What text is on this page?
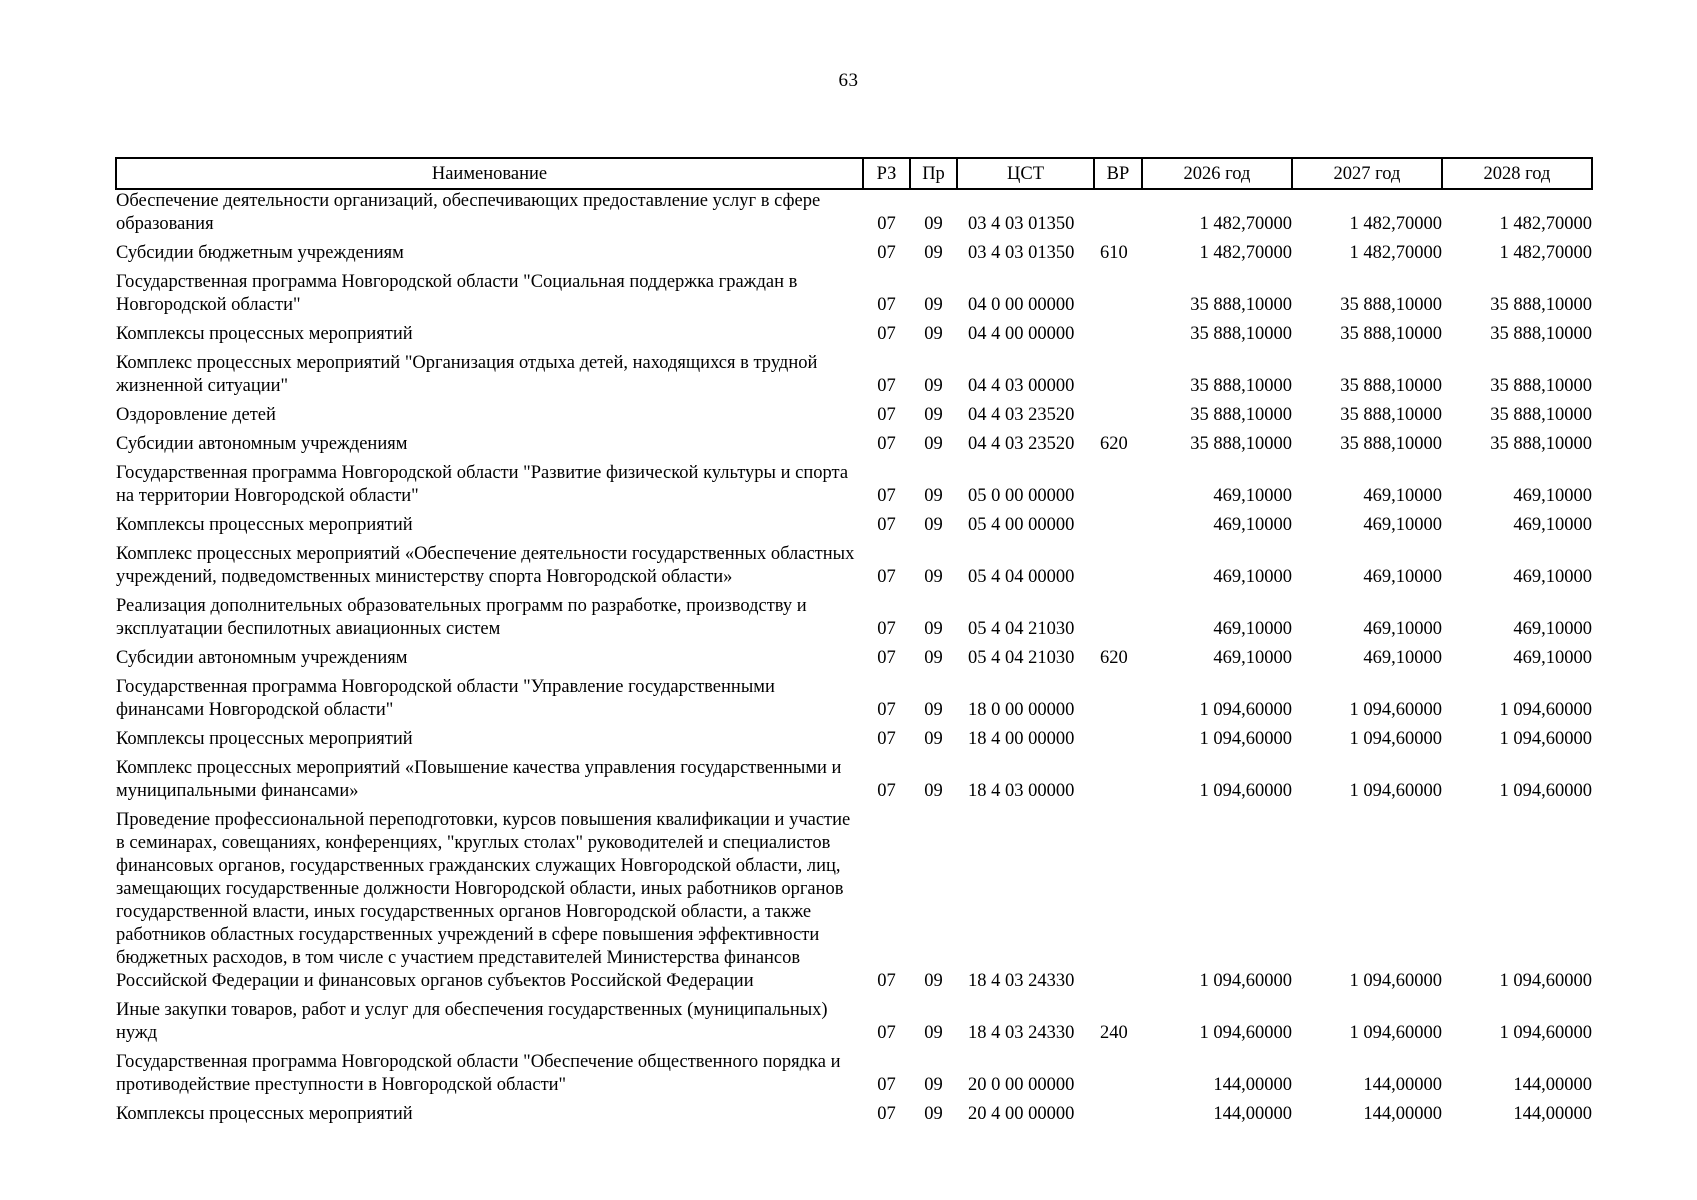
63
Наименование	РЗ	Пр	ЦСТ	ВР	2026 год	2027 год	2028 год
Обеспечение деятельности организаций, обеспечивающих предоставление услуг в сфере образования	07	09	03 4 03 01350		1 482,70000	1 482,70000	1 482,70000
Субсидии бюджетным учреждениям	07	09	03 4 03 01350	610	1 482,70000	1 482,70000	1 482,70000
Государственная программа Новгородской области "Социальная поддержка граждан в Новгородской области"	07	09	04 0 00 00000		35 888,10000	35 888,10000	35 888,10000
Комплексы процессных мероприятий	07	09	04 4 00 00000		35 888,10000	35 888,10000	35 888,10000
Комплекс процессных мероприятий "Организация отдыха детей, находящихся в трудной жизненной ситуации"	07	09	04 4 03 00000		35 888,10000	35 888,10000	35 888,10000
Оздоровление детей	07	09	04 4 03 23520		35 888,10000	35 888,10000	35 888,10000
Субсидии автономным учреждениям	07	09	04 4 03 23520	620	35 888,10000	35 888,10000	35 888,10000
Государственная программа Новгородской области "Развитие физической культуры и спорта на территории Новгородской области"	07	09	05 0 00 00000		469,10000	469,10000	469,10000
Комплексы процессных мероприятий	07	09	05 4 00 00000		469,10000	469,10000	469,10000
Комплекс процессных мероприятий «Обеспечение деятельности государственных областных учреждений, подведомственных министерству спорта Новгородской области»	07	09	05 4 04 00000		469,10000	469,10000	469,10000
Реализация дополнительных образовательных программ по разработке, производству и эксплуатации беспилотных авиационных систем	07	09	05 4 04 21030		469,10000	469,10000	469,10000
Субсидии автономным учреждениям	07	09	05 4 04 21030	620	469,10000	469,10000	469,10000
Государственная программа Новгородской области "Управление государственными финансами Новгородской области"	07	09	18 0 00 00000		1 094,60000	1 094,60000	1 094,60000
Комплексы процессных мероприятий	07	09	18 4 00 00000		1 094,60000	1 094,60000	1 094,60000
Комплекс процессных мероприятий «Повышение качества управления государственными и муниципальными финансами»	07	09	18 4 03 00000		1 094,60000	1 094,60000	1 094,60000
Проведение профессиональной переподготовки, курсов повышения квалификации и участие в семинарах, совещаниях, конференциях, "круглых столах" руководителей и специалистов финансовых органов, государственных гражданских служащих Новгородской области, лиц, замещающих государственные должности Новгородской области, иных работников органов государственной власти, иных государственных органов Новгородской области, а также работников областных государственных учреждений в сфере повышения эффективности бюджетных расходов, в том числе с участием представителей Министерства финансов Российской Федерации и финансовых органов субъектов Российской Федерации	07	09	18 4 03 24330		1 094,60000	1 094,60000	1 094,60000
Иные закупки товаров, работ и услуг для обеспечения государственных (муниципальных) нужд	07	09	18 4 03 24330	240	1 094,60000	1 094,60000	1 094,60000
Государственная программа Новгородской области "Обеспечение общественного порядка и противодействие преступности в Новгородской области"	07	09	20 0 00 00000		144,00000	144,00000	144,00000
Комплексы процессных мероприятий	07	09	20 4 00 00000		144,00000	144,00000	144,00000
